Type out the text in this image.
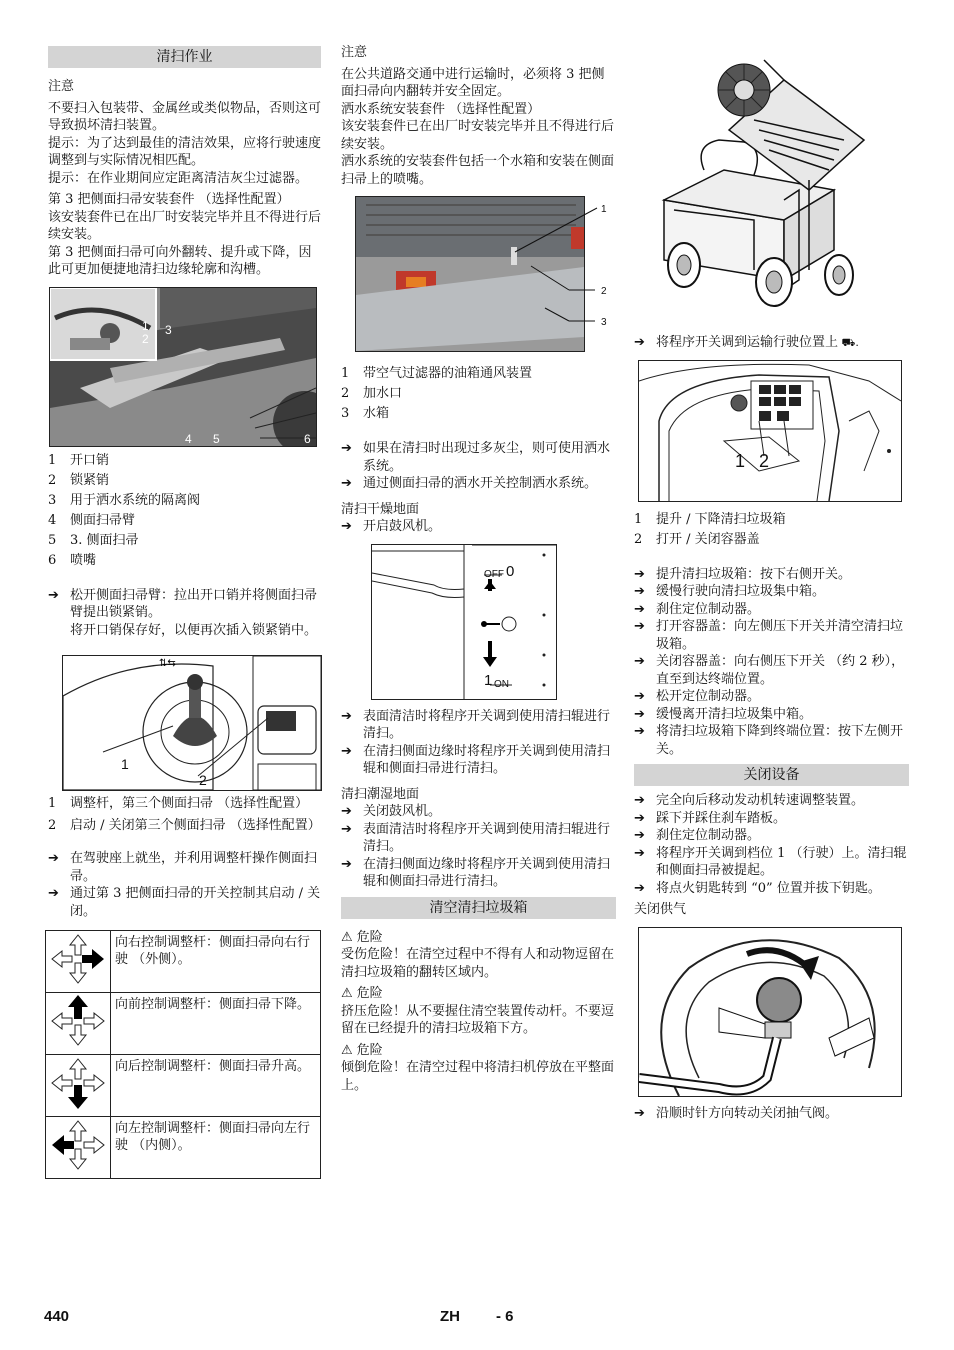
清扫作业

注意

不要扫入包装带、金属丝或类似物品，否则这可导致损坏清扫装置。

提示：为了达到最佳的清洁效果，应将行驶速度调整到与实际情况相匹配。

提示：在作业期间应定距离清洁灰尘过滤器。

第 3 把侧面扫帚安装套件 （选择性配置）

该安装套件已在出厂时安装完毕并且不得进行后续安装。

第 3 把侧面扫帚可向外翻转、提升或下降，因此可更加便捷地清扫边缘轮廓和沟槽。

1
2
3
4 5	6
1	开口销
2	锁紧销
3	用于洒水系统的隔离阀
4	侧面扫帚臂
5	3. 侧面扫帚
6	喷嘴
➔ 松开侧面扫帚臂：拉出开口销并将侧面扫帚臂提出锁紧销。
将开口销保存好，以便再次插入锁紧销中。
⇅⇆
1
2
1	调整杆，第三个侧面扫帚 （选择性配置）
2	启动 / 关闭第三个侧面扫帚 （选择性配置）
➔ 在驾驶座上就坐，并利用调整杆操作侧面扫帚。
➔ 通过第 3 把侧面扫帚的开关控制其启动 / 关闭。
	向右控制调整杆：侧面扫帚向右行驶 （外侧）。
	向前控制调整杆：侧面扫帚下降。
	向后控制调整杆：侧面扫帚升高。
	向左控制调整杆：侧面扫帚向左行驶 （内侧）。

注意

在公共道路交通中进行运输时，必须将 3 把侧面扫帚向内翻转并安全固定。

洒水系统安装套件 （选择性配置）

该安装套件已在出厂时安装完毕并且不得进行后续安装。

洒水系统的安装套件包括一个水箱和安装在侧面扫帚上的喷嘴。

1
2
3
1	带空气过滤器的油箱通风装置
2	加水口
3	水箱
➔ 如果在清扫时出现过多灰尘，则可使用洒水系统。
➔ 通过侧面扫帚的洒水开关控制洒水系统。

清扫干燥地面

➔ 开启鼓风机。
OFF 0
1 ON
➔ 表面清洁时将程序开关调到使用清扫辊进行清扫。
➔ 在清扫侧面边缘时将程序开关调到使用清扫辊和侧面扫帚进行清扫。

清扫潮湿地面

➔ 关闭鼓风机。
➔ 表面清洁时将程序开关调到使用清扫辊进行清扫。
➔ 在清扫侧面边缘时将程序开关调到使用清扫辊和侧面扫帚进行清扫。
清空清扫垃圾箱
⚠ 危险

受伤危险！在清空过程中不得有人和动物逗留在清扫垃圾箱的翻转区域内。

⚠ 危险

挤压危险！从不要握住清空装置传动杆。不要逗留在已经提升的清扫垃圾箱下方。

⚠ 危险

倾倒危险！在清空过程中将清扫机停放在平整面上。

➔ 将程序开关调到运输行驶位置上 ⛟.
1 2
1	提升 / 下降清扫垃圾箱
2	打开 / 关闭容器盖
➔ 提升清扫垃圾箱：按下右侧开关。
➔ 缓慢行驶向清扫垃圾集中箱。
➔ 刹住定位制动器。
➔ 打开容器盖：向左侧压下开关并清空清扫垃圾箱。
➔ 关闭容器盖：向右侧压下开关 （约 2 秒），直至到达终端位置。
➔ 松开定位制动器。
➔ 缓慢离开清扫垃圾集中箱。
➔ 将清扫垃圾箱下降到终端位置：按下左侧开关。
关闭设备
➔ 完全向后移动发动机转速调整装置。
➔ 踩下并踩住刹车踏板。
➔ 刹住定位制动器。
➔ 将程序开关调到档位 1 （行驶）上。清扫辊和侧面扫帚被提起。
➔ 将点火钥匙转到 “0” 位置并拔下钥匙。

关闭供气

➔ 沿顺时针方向转动关闭抽气阀。
440	ZH - 6
